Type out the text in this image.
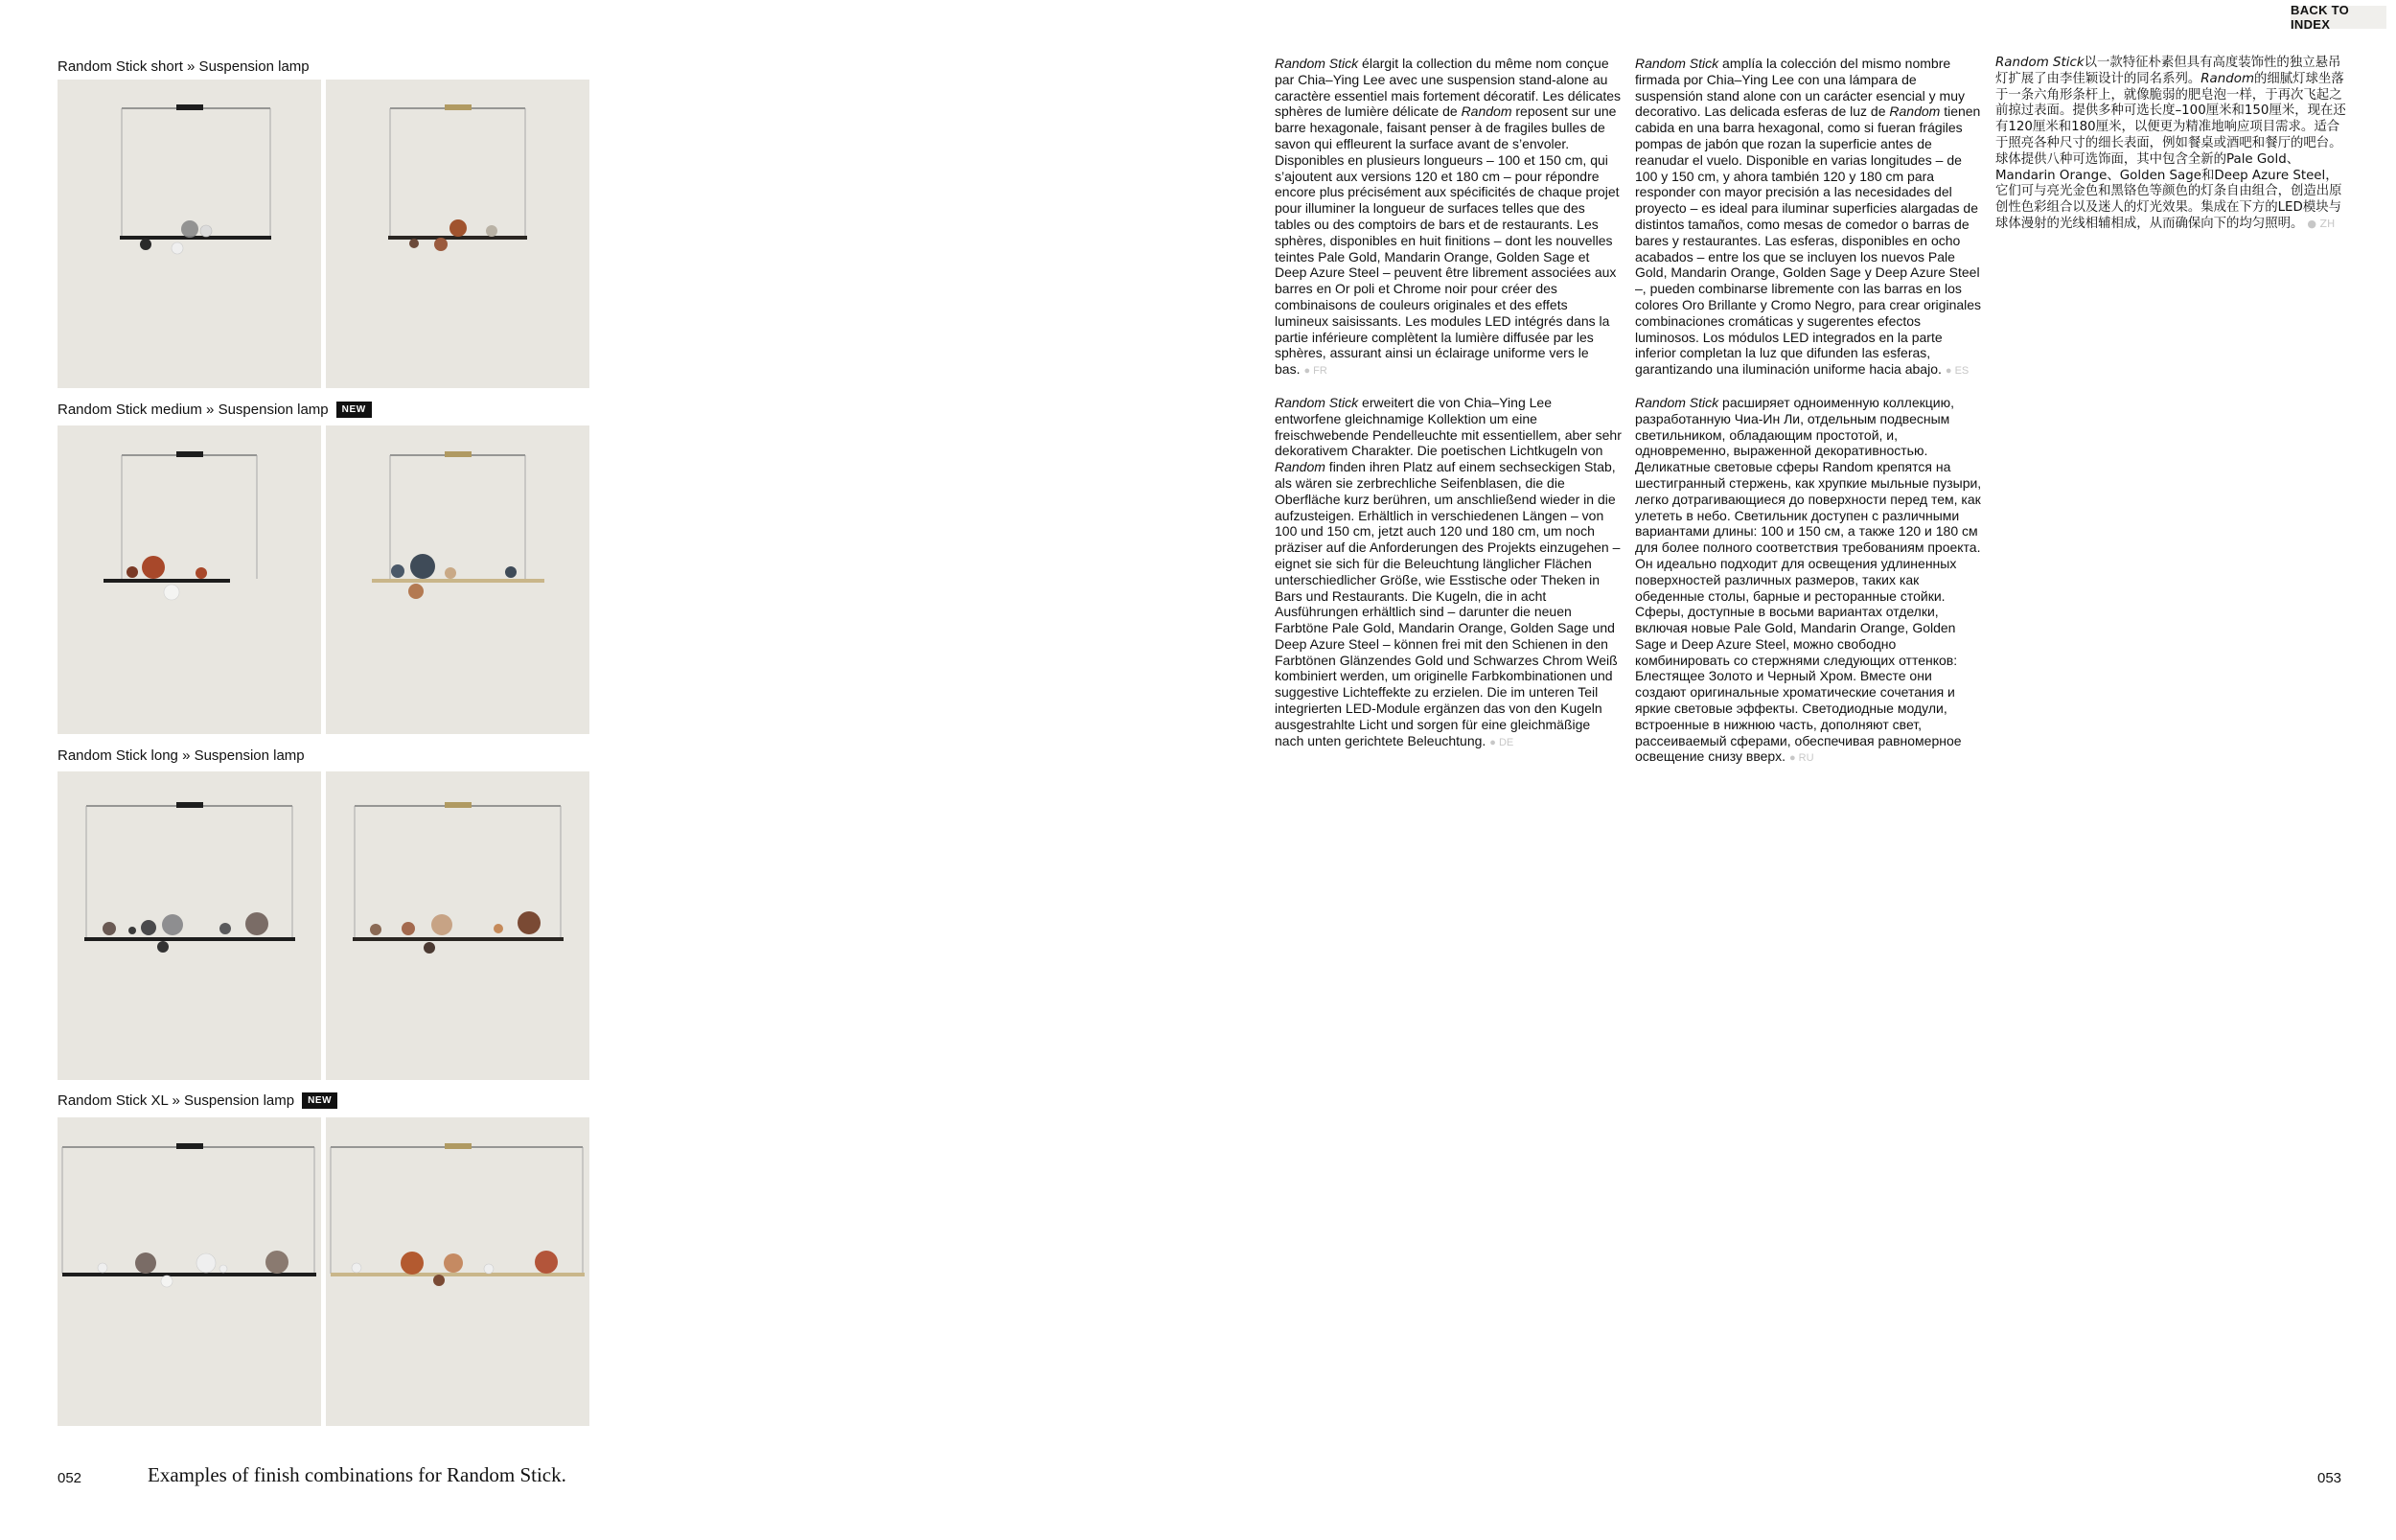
BACK TO INDEX
Random Stick short » Suspension lamp
Random Stick medium » Suspension lamp	NEW
Random Stick long » Suspension lamp
Random Stick XL » Suspension lamp	NEW

Random Stick élargit la collection du même nom conçue par Chia–Ying Lee avec une suspension stand-alone au caractère essentiel mais fortement décoratif. Les délicates sphères de lumière délicate de Random reposent sur une barre hexagonale, faisant penser à de fragiles bulles de savon qui effleurent la surface avant de s’envoler. Disponibles en plusieurs longueurs – 100 et 150 cm, qui s’ajoutent aux versions 120 et 180 cm – pour répondre encore plus précisément aux spécificités de chaque projet pour illuminer la longueur de surfaces telles que des tables ou des comptoirs de bars et de restaurants. Les sphères, disponibles en huit finitions – dont les nouvelles teintes Pale Gold, Mandarin Orange, Golden Sage et Deep Azure Steel – peuvent être librement associées aux barres en Or poli et Chrome noir pour créer des combinaisons de couleurs originales et des effets lumineux saisissants. Les modules LED intégrés dans la partie inférieure complètent la lumière diffusée par les sphères, assurant ainsi un éclairage uniforme vers le bas. ● FR

Random Stick erweitert die von Chia–Ying Lee entworfene gleichnamige Kollektion um eine freischwebende Pendelleuchte mit essentiellem, aber sehr dekorativem Charakter. Die poetischen Lichtkugeln von Random finden ihren Platz auf einem sechseckigen Stab, als wären sie zerbrechliche Seifenblasen, die die Oberfläche kurz berühren, um anschließend wieder in die aufzusteigen. Erhältlich in verschiedenen Längen – von 100 und 150 cm, jetzt auch 120 und 180 cm, um noch präziser auf die Anforderungen des Projekts einzugehen – eignet sie sich für die Beleuchtung länglicher Flächen unterschiedlicher Größe, wie Esstische oder Theken in Bars und Restaurants. Die Kugeln, die in acht Ausführungen erhältlich sind – darunter die neuen Farbtöne Pale Gold, Mandarin Orange, Golden Sage und Deep Azure Steel – können frei mit den Schienen in den Farbtönen Glänzendes Gold und Schwarzes Chrom Weiß kombiniert werden, um originelle Farbkombinationen und suggestive Lichteffekte zu erzielen. Die im unteren Teil integrierten LED-Module ergänzen das von den Kugeln ausgestrahlte Licht und sorgen für eine gleichmäßige nach unten gerichtete Beleuchtung. ● DE

Random Stick amplía la colección del mismo nombre firmada por Chia–Ying Lee con una lámpara de suspensión stand alone con un carácter esencial y muy decorativo. Las delicada esferas de luz de Random tienen cabida en una barra hexagonal, como si fueran frágiles pompas de jabón que rozan la superficie antes de reanudar el vuelo. Disponible en varias longitudes – de 100 y 150 cm, y ahora también 120 y 180 cm para responder con mayor precisión a las necesidades del proyecto – es ideal para iluminar superficies alargadas de distintos tamaños, como mesas de comedor o barras de bares y restaurantes. Las esferas, disponibles en ocho acabados – entre los que se incluyen los nuevos Pale Gold, Mandarin Orange, Golden Sage y Deep Azure Steel –, pueden combinarse libremente con las barras en los colores Oro Brillante y Cromo Negro, para crear originales combinaciones cromáticas y sugerentes efectos luminosos. Los módulos LED integrados en la parte inferior completan la luz que difunden las esferas, garantizando una iluminación uniforme hacia abajo. ● ES

Random Stick расширяет одноименную коллекцию, разработанную Чиа-Ин Ли, отдельным подвесным светильником, обладающим простотой, и, одновременно, выраженной декоративностью. Деликатные световые сферы Random крепятся на шестигранный стержень, как хрупкие мыльные пузыри, легко дотрагивающиеся до поверхности перед тем, как улететь в небо. Светильник доступен с различными вариантами длины: 100 и 150 см, а также 120 и 180 см для более полного соответствия требованиям проекта. Он идеально подходит для освещения удлиненных поверхностей различных размеров, таких как обеденные столы, барные и ресторанные стойки. Сферы, доступные в восьми вариантах отделки, включая новые Pale Gold, Mandarin Orange, Golden Sage и Deep Azure Steel, можно свободно комбинировать со стержнями следующих оттенков: Блестящее Золото и Черный Хром. Вместе они создают оригинальные хроматические сочетания и яркие световые эффекты. Светодиодные модули, встроенные в нижнюю часть, дополняют свет, рассеиваемый сферами, обеспечивая равномерное освещение снизу вверх. ● RU

Random Stick以一款特征朴素但具有高度装饰性的独立悬吊灯扩展了由李佳颖设计的同名系列。Random的细腻灯球坐落于一条六角形条杆上，就像脆弱的肥皂泡一样，于再次飞起之前掠过表面。提供多种可选长度–100厘米和150厘米，现在还有120厘米和180厘米，以便更为精准地响应项目需求。适合于照亮各种尺寸的细长表面，例如餐桌或酒吧和餐厅的吧台。球体提供八种可选饰面，其中包含全新的Pale Gold、Mandarin Orange、Golden Sage和Deep Azure Steel，它们可与亮光金色和黑铬色等颜色的灯条自由组合，创造出原创性色彩组合以及迷人的灯光效果。集成在下方的LED模块与球体漫射的光线相辅相成，从而确保向下的均匀照明。 ● ZH

052	Examples of finish combinations for Random Stick.	053
